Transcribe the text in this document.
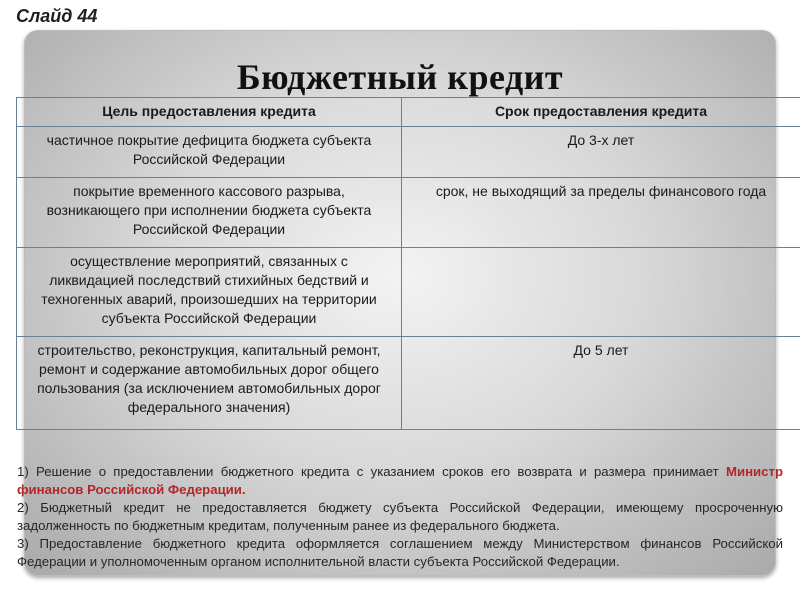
Слайд 44
Бюджетный кредит
Цель предоставления кредита	Срок предоставления кредита
частичное покрытие дефицита бюджета субъекта Российской Федерации	До 3-х лет
покрытие временного кассового разрыва, возникающего при исполнении бюджета субъекта Российской Федерации	срок, не выходящий за пределы финансового года
осуществление мероприятий, связанных с ликвидацией последствий стихийных бедствий и техногенных аварий, произошедших на территории субъекта Российской Федерации	
строительство, реконструкция, капитальный ремонт, ремонт и содержание автомобильных дорог общего пользования (за исключением автомобильных дорог федерального значения)	До 5 лет

1) Решение о предоставлении бюджетного кредита с указанием сроков его возврата и размера принимает Министр финансов Российской Федерации.

2) Бюджетный кредит не предоставляется бюджету субъекта Российской Федерации, имеющему просроченную задолженность по бюджетным кредитам, полученным ранее из федерального бюджета.

3) Предоставление бюджетного кредита оформляется соглашением между Министерством финансов Российской Федерации и уполномоченным органом исполнительной власти субъекта Российской Федерации.
